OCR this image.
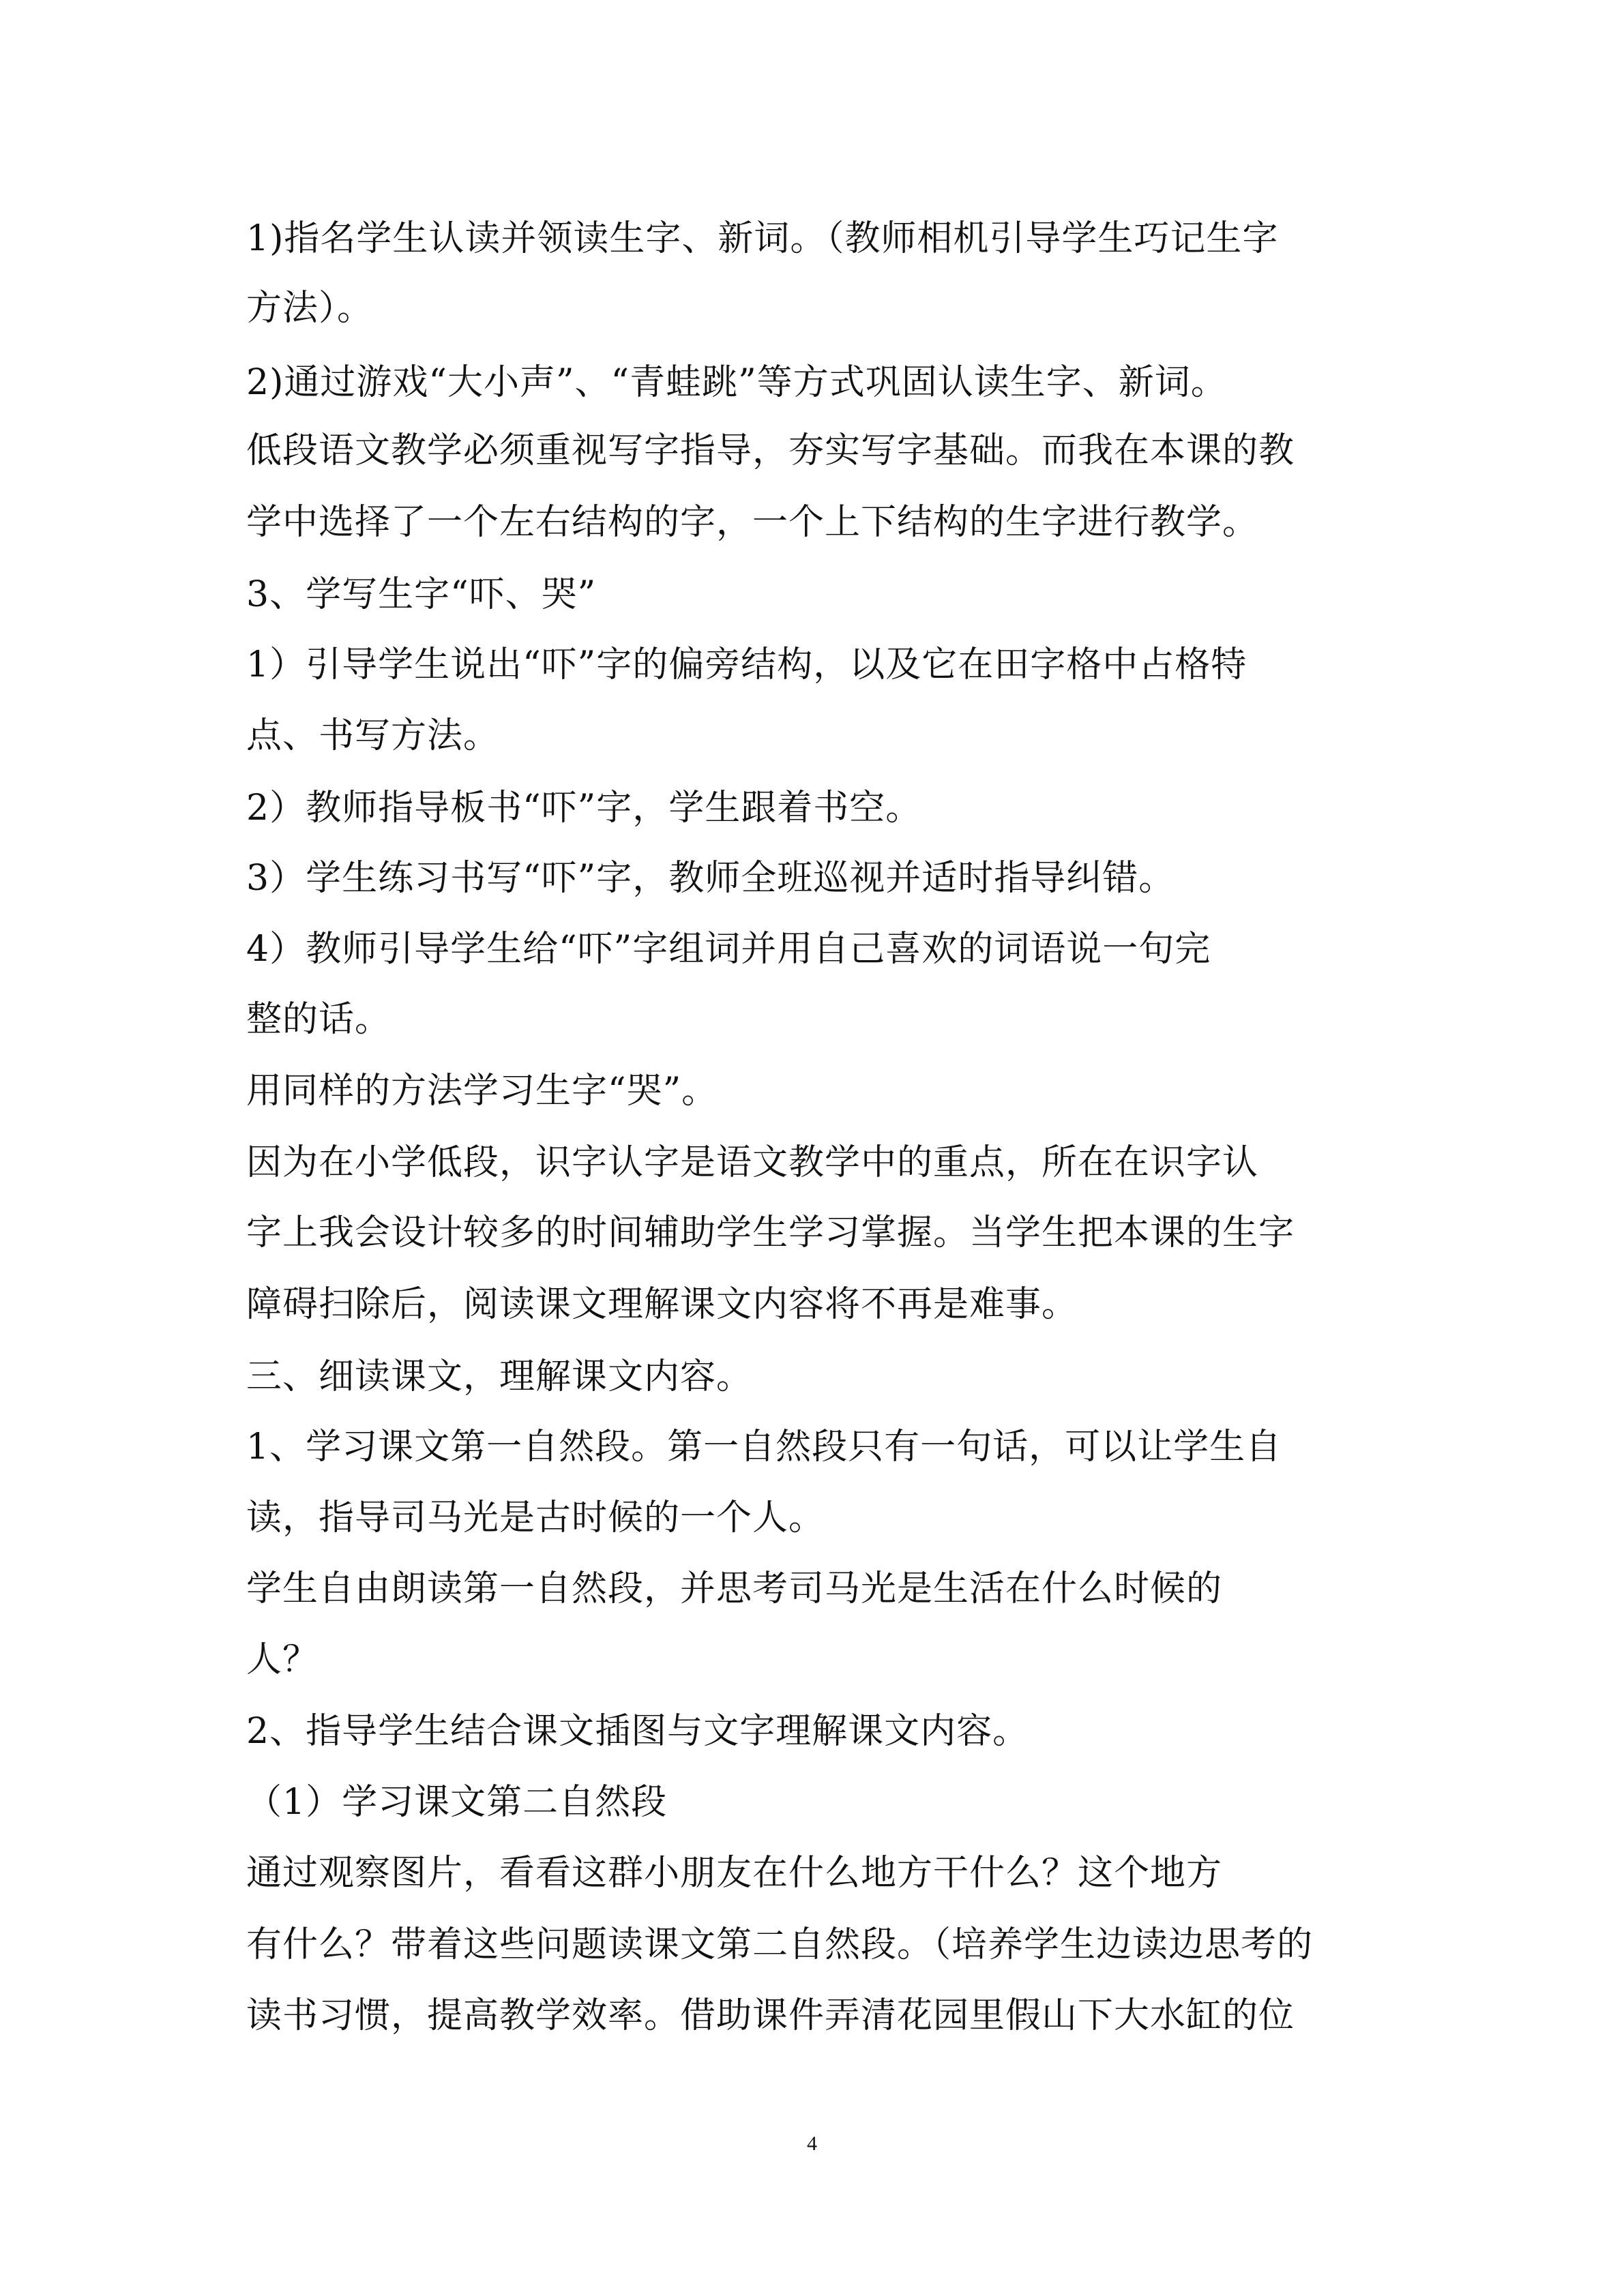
1)指名学生认读并领读生字、新词。（教师相机引导学生巧记生字
方法）。
2)通过游戏“大小声”、“青蛙跳”等方式巩固认读生字、新词。
低段语文教学必须重视写字指导，夯实写字基础。而我在本课的教
学中选择了一个左右结构的字，一个上下结构的生字进行教学。
3、学写生字“吓、哭”
1）引导学生说出“吓”字的偏旁结构，以及它在田字格中占格特
点、书写方法。
2）教师指导板书“吓”字，学生跟着书空。
3）学生练习书写“吓”字，教师全班巡视并适时指导纠错。
4）教师引导学生给“吓”字组词并用自己喜欢的词语说一句完
整的话。
用同样的方法学习生字“哭”。
因为在小学低段，识字认字是语文教学中的重点，所在在识字认
字上我会设计较多的时间辅助学生学习掌握。当学生把本课的生字
障碍扫除后，阅读课文理解课文内容将不再是难事。
三、细读课文，理解课文内容。
1、学习课文第一自然段。第一自然段只有一句话，可以让学生自
读，指导司马光是古时候的一个人。
学生自由朗读第一自然段，并思考司马光是生活在什么时候的
人？
2、指导学生结合课文插图与文字理解课文内容。
（1）学习课文第二自然段
通过观察图片，看看这群小朋友在什么地方干什么？这个地方
有什么？带着这些问题读课文第二自然段。（培养学生边读边思考的
读书习惯，提高教学效率。借助课件弄清花园里假山下大水缸的位
4
